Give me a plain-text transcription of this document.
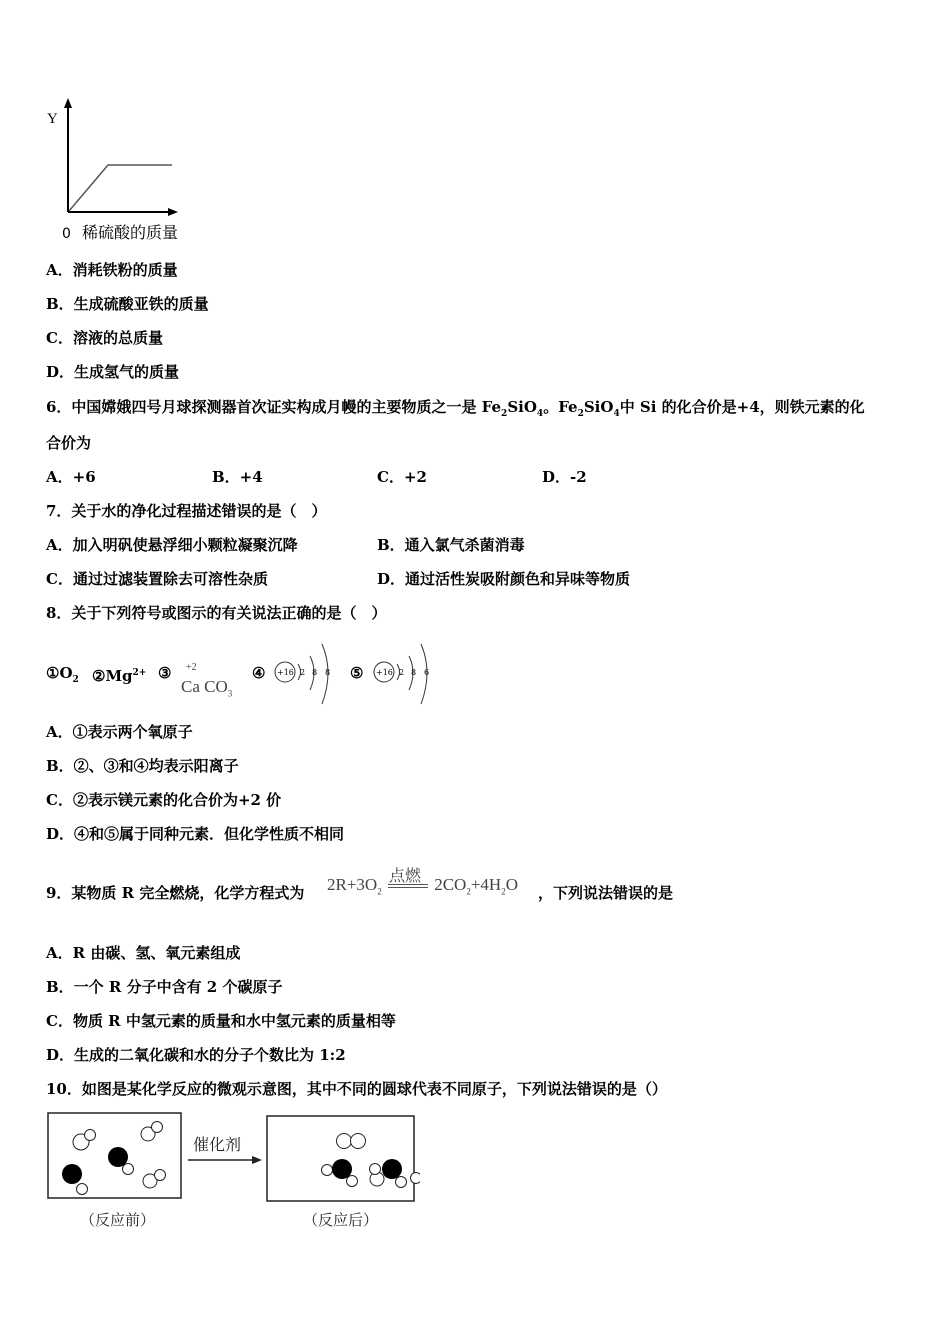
Y
0 稀硫酸的质量
A．消耗铁粉的质量
B．生成硫酸亚铁的质量
C．溶液的总质量
D．生成氢气的质量
6．中国嫦娥四号月球探测器首次证实构成月幔的主要物质之一是 $Fe_2SiO_4$。$Fe_2SiO_4$中 Si 的化合价是+4，则铁元素的化
合价为
A．+6	B．+4	C．+2	D．-2
7．关于水的净化过程描述错误的是（　）
A．加入明矾使悬浮细小颗粒凝聚沉降	B．通入氯气杀菌消毒
C．通过过滤装置除去可溶性杂质	D．通过活性炭吸附颜色和异味等物质
8．关于下列符号或图示的有关说法正确的是（　）
$①O_2$ $②Mg^{2+}$ ③ +2
Ca $CO_3$
④ +16 2 8 8 ⑤ +16 2 8 6
A．①表示两个氧原子
B．②、③和④均表示阳离子
C．②表示镁元素的化合价为+2 价
D．④和⑤属于同种元素．但化学性质不相同
9．某物质 R 完全燃烧，化学方程式为 $2R+3O_2$
点燃 $2CO_2+4H_2O$ ，下列说法错误的是
A．R 由碳、氢、氧元素组成
B．一个 R 分子中含有 2 个碳原子
C．物质 R 中氢元素的质量和水中氢元素的质量相等
D．生成的二氧化碳和水的分子个数比为 1:2
10．如图是某化学反应的微观示意图，其中不同的圆球代表不同原子，下列说法错误的是（）
催化剂
（反应前）	（反应后）
